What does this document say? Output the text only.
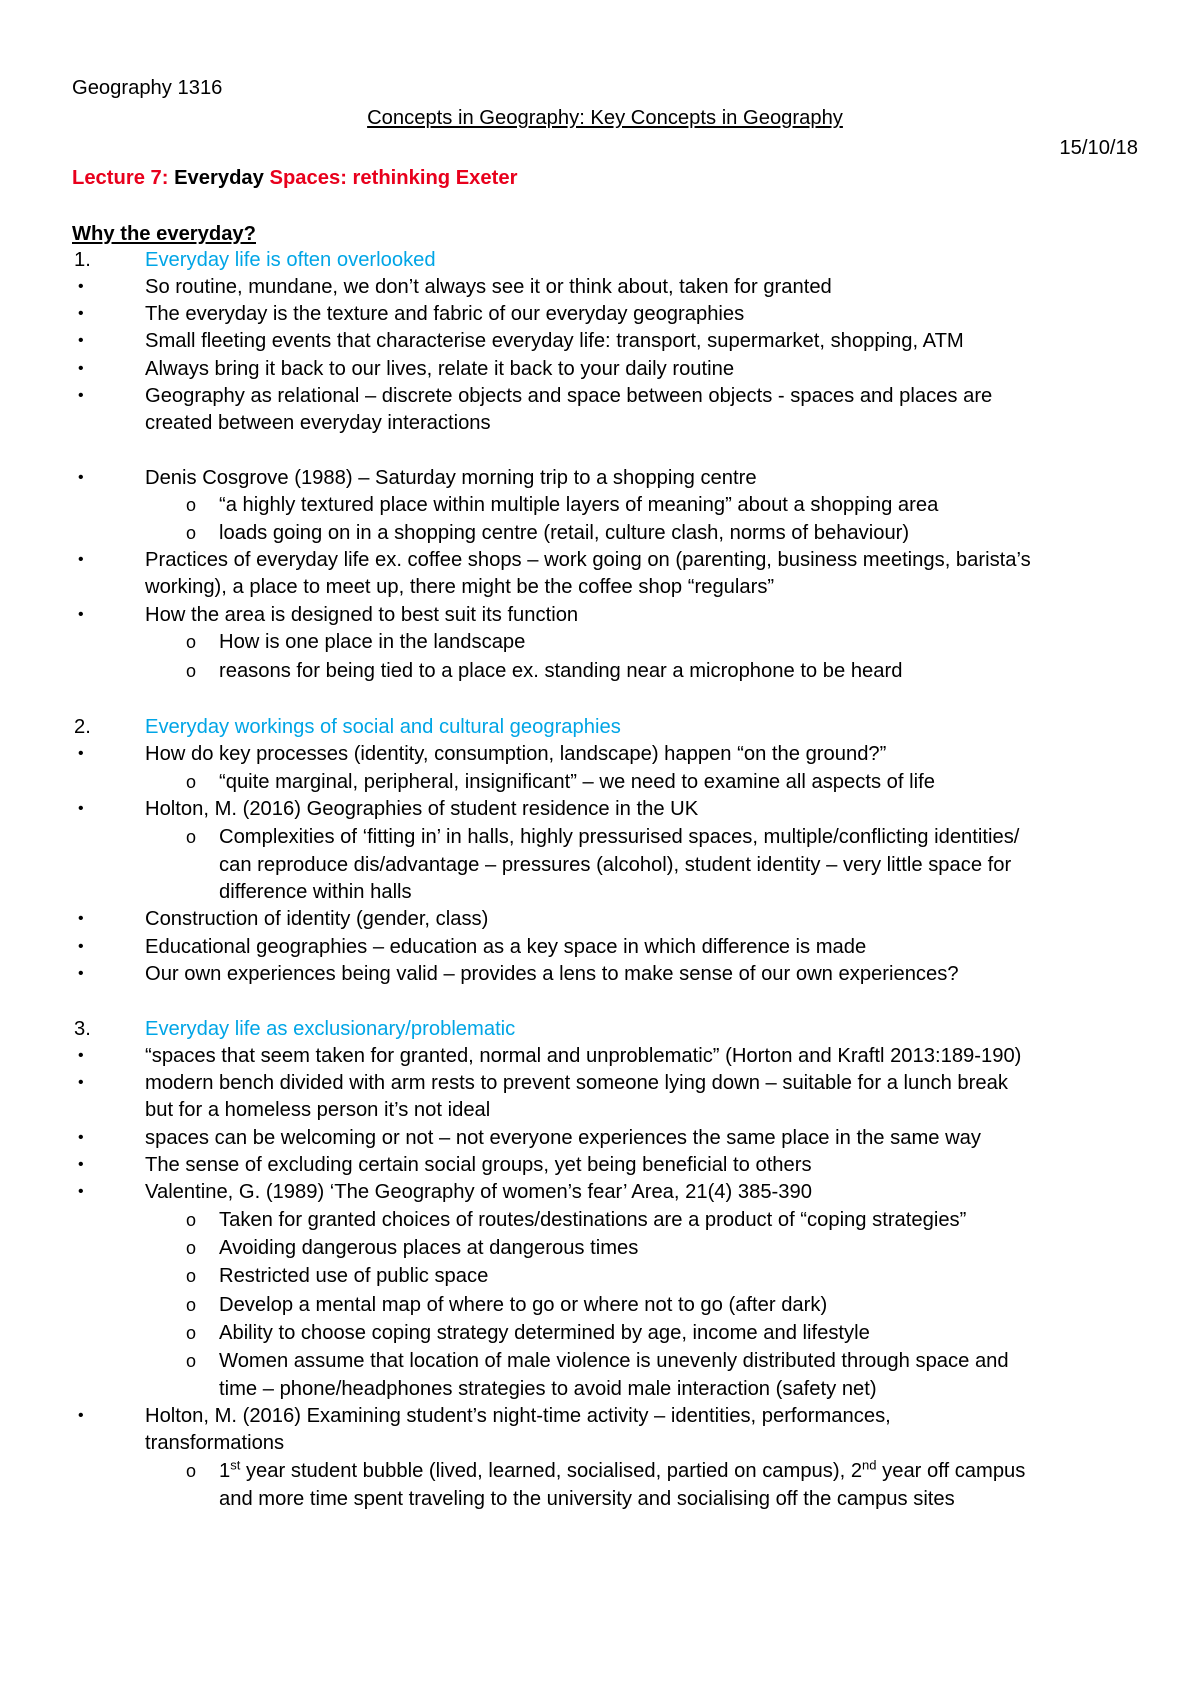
Geography 1316
Concepts in Geography: Key Concepts in Geography
15/10/18
Lecture 7: Everyday Spaces: rethinking Exeter
Why the everyday?
1.	Everyday life is often overlooked
•	So routine, mundane, we don’t always see it or think about, taken for granted
•	The everyday is the texture and fabric of our everyday geographies
•	Small fleeting events that characterise everyday life: transport, supermarket, shopping, ATM
•	Always bring it back to our lives, relate it back to your daily routine
•	Geography as relational – discrete objects and space between objects - spaces and places are
created between everyday interactions
•	Denis Cosgrove (1988) – Saturday morning trip to a shopping centre
o “a highly textured place within multiple layers of meaning” about a shopping area
o loads going on in a shopping centre (retail, culture clash, norms of behaviour)
•	Practices of everyday life ex. coffee shops – work going on (parenting, business meetings, barista’s
working), a place to meet up, there might be the coffee shop “regulars”
•	How the area is designed to best suit its function
o How is one place in the landscape
o reasons for being tied to a place ex. standing near a microphone to be heard
2.	Everyday workings of social and cultural geographies
•	How do key processes (identity, consumption, landscape) happen “on the ground?”
o “quite marginal, peripheral, insignificant” – we need to examine all aspects of life
•	Holton, M. (2016) Geographies of student residence in the UK
o Complexities of ‘fitting in’ in halls, highly pressurised spaces, multiple/conflicting identities/
can reproduce dis/advantage – pressures (alcohol), student identity – very little space for
difference within halls
•	Construction of identity (gender, class)
•	Educational geographies – education as a key space in which difference is made
•	Our own experiences being valid – provides a lens to make sense of our own experiences?
3.	Everyday life as exclusionary/problematic
•	“spaces that seem taken for granted, normal and unproblematic” (Horton and Kraftl 2013:189-190)
•	modern bench divided with arm rests to prevent someone lying down – suitable for a lunch break
but for a homeless person it’s not ideal
•	spaces can be welcoming or not – not everyone experiences the same place in the same way
•	The sense of excluding certain social groups, yet being beneficial to others
•	Valentine, G. (1989) ‘The Geography of women’s fear’ Area, 21(4) 385-390
o Taken for granted choices of routes/destinations are a product of “coping strategies”
o Avoiding dangerous places at dangerous times
o Restricted use of public space
o Develop a mental map of where to go or where not to go (after dark)
o Ability to choose coping strategy determined by age, income and lifestyle
o Women assume that location of male violence is unevenly distributed through space and
time – phone/headphones strategies to avoid male interaction (safety net)
•	Holton, M. (2016) Examining student’s night-time activity – identities, performances,
transformations
o 1st year student bubble (lived, learned, socialised, partied on campus), 2nd year off campus
and more time spent traveling to the university and socialising off the campus sites
